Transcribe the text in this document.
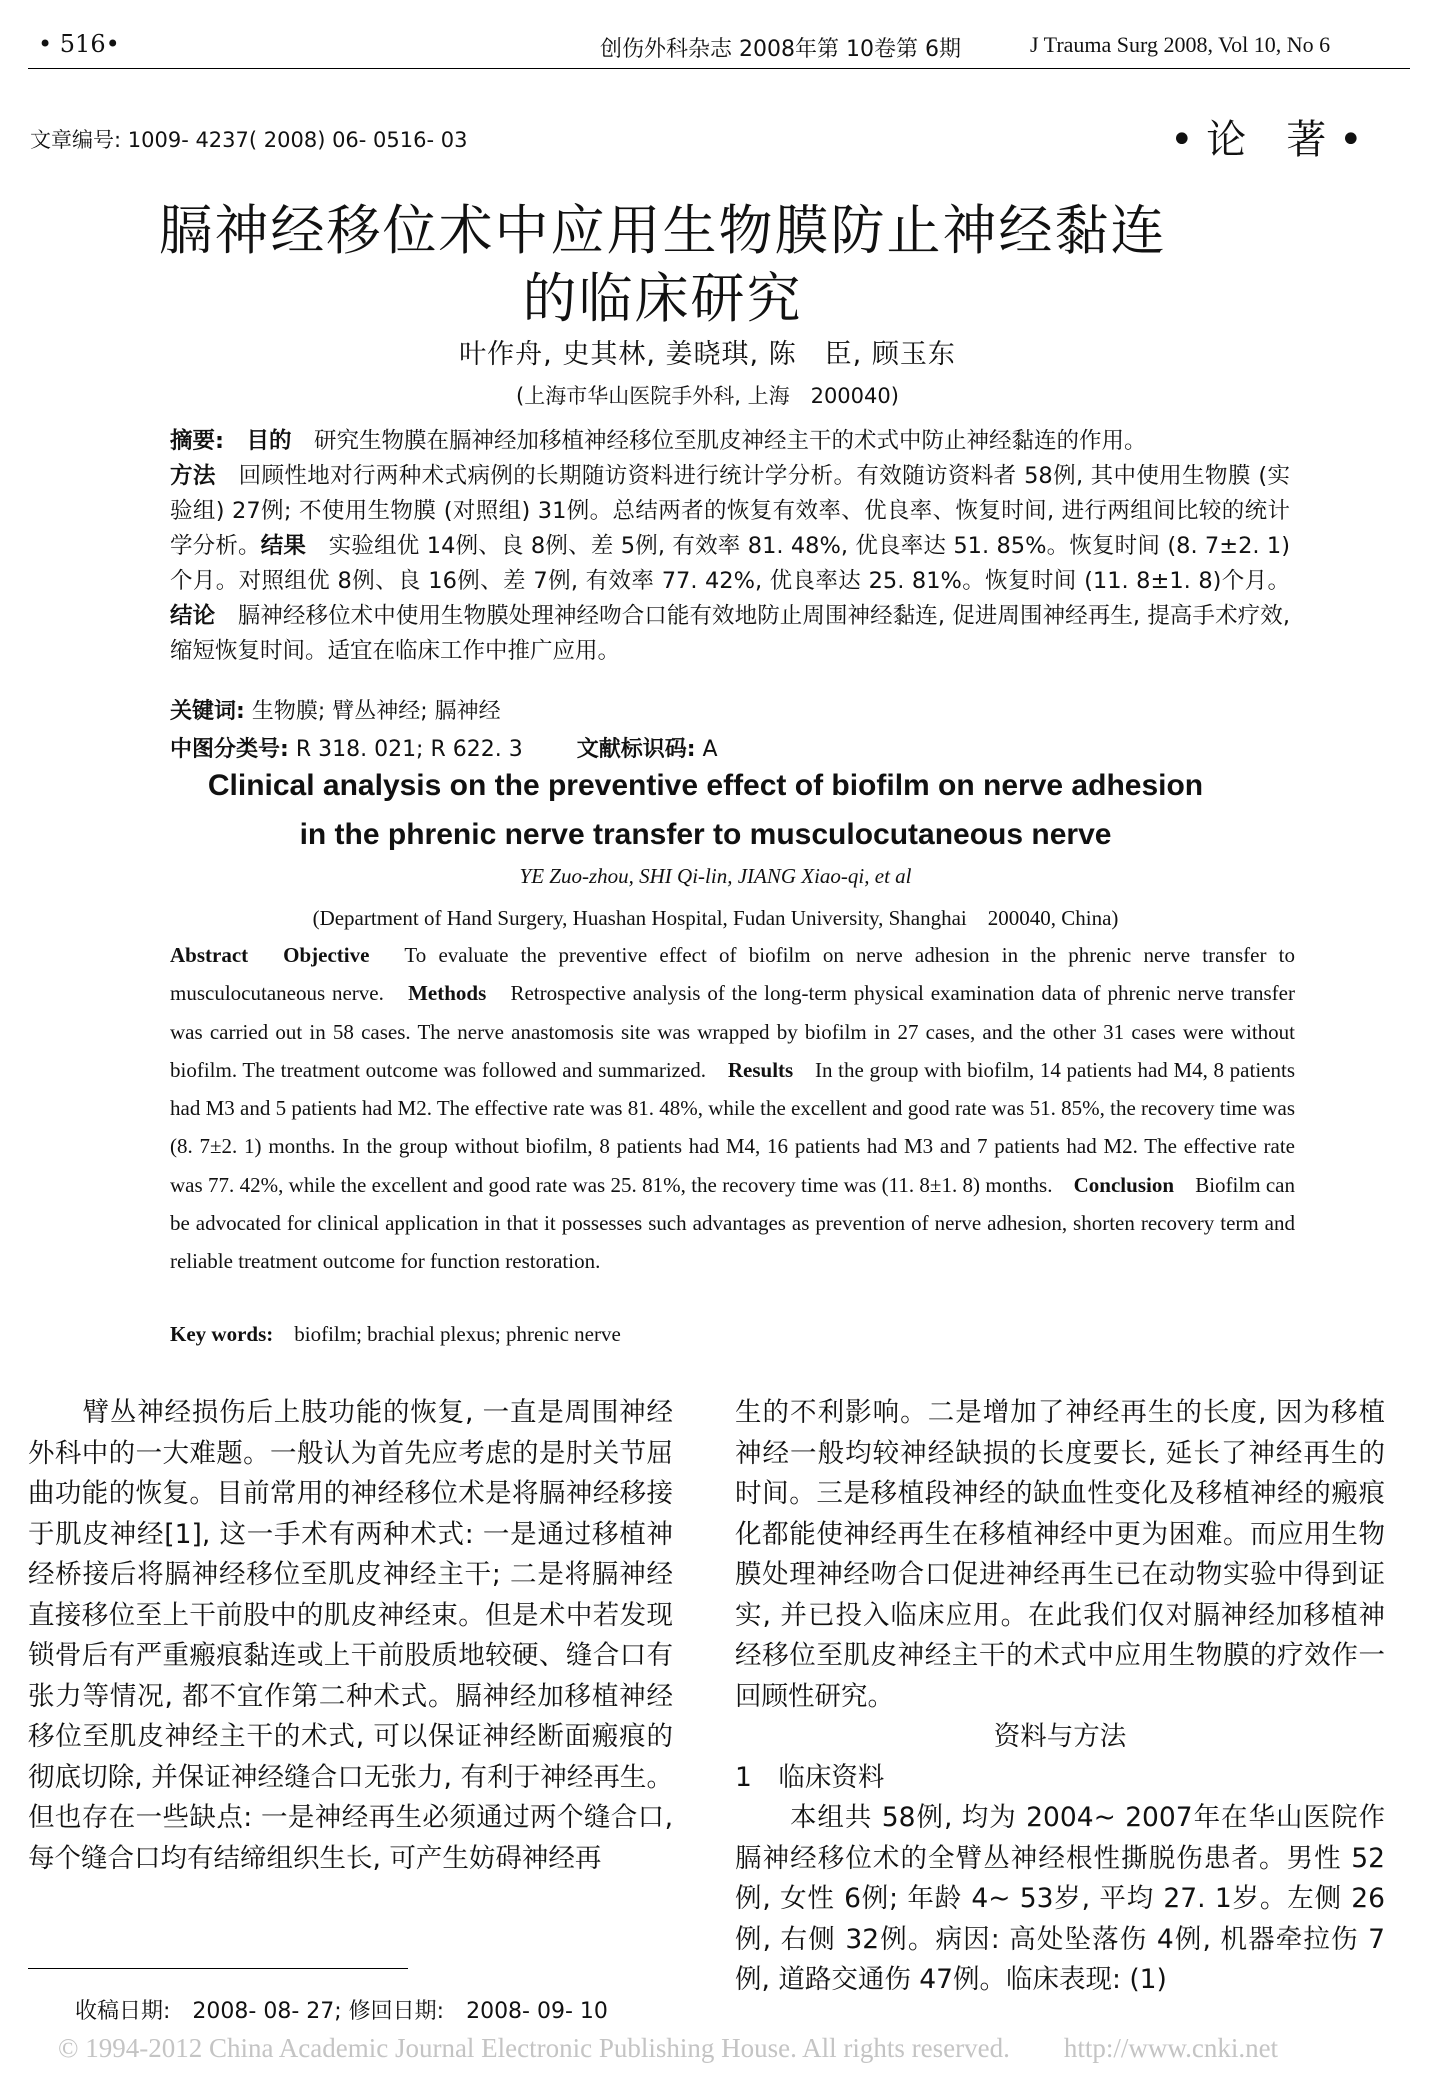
• 516•	创伤外科杂志 2008年第 10卷第 6期	J Trauma Surg 2008, Vol 10, No 6
文章编号: 1009- 4237( 2008) 06- 0516- 03	• 论　著 •
膈神经移位术中应用生物膜防止神经黏连
的临床研究
叶作舟, 史其林, 姜晓琪, 陈　臣, 顾玉东
(上海市华山医院手外科, 上海　200040)
摘要:　 目的　 研究生物膜在膈神经加移植神经移位至肌皮神经主干的术式中防止神经黏连的作用。
方法　 回顾性地对行两种术式病例的长期随访资料进行统计学分析。有效随访资料者 58例, 其中使用生物膜 (实验组) 27例; 不使用生物膜 (对照组) 31例。总结两者的恢复有效率、优良率、恢复时间, 进行两组间比较的统计学分析。结果　 实验组优 14例、良 8例、差 5例, 有效率 81. 48%, 优良率达 51. 85%。恢复时间 (8. 7±2. 1)个月。对照组优 8例、良 16例、差 7例, 有效率 77. 42%, 优良率达 25. 81%。恢复时间 (11. 8±1. 8)个月。结论　 膈神经移位术中使用生物膜处理神经吻合口能有效地防止周围神经黏连, 促进周围神经再生, 提高手术疗效, 缩短恢复时间。适宜在临床工作中推广应用。
关键词: 生物膜; 臂丛神经; 膈神经
中图分类号: R 318. 021; R 622. 3 文献标识码: A
Clinical analysis on the preventive effect of biofilm on nerve adhesion
in the phrenic nerve transfer to musculocutaneous nerve
YE Zuo-zhou, SHI Qi-lin, JIANG Xiao-qi, et al
(Department of Hand Surgery, Huashan Hospital, Fudan University, Shanghai　200040, China)
Abstract　 Objective　 To evaluate the preventive effect of biofilm on nerve adhesion in the phrenic nerve transfer to musculocutaneous nerve.　 Methods　 Retrospective analysis of the long-term physical examination data of phrenic nerve transfer was carried out in 58 cases. The nerve anastomosis site was wrapped by biofilm in 27 cases, and the other 31 cases were without biofilm. The treatment outcome was followed and summarized.　 Results　 In the group with biofilm, 14 patients had M4, 8 patients had M3 and 5 patients had M2. The effective rate was 81. 48%, while the excellent and good rate was 51. 85%, the recovery time was (8. 7±2. 1) months. In the group without biofilm, 8 patients had M4, 16 patients had M3 and 7 patients had M2. The effective rate was 77. 42%, while the excellent and good rate was 25. 81%, the recovery time was (11. 8±1. 8) months.　 Conclusion　 Biofilm can be advocated for clinical application in that it possesses such advantages as prevention of nerve adhesion, shorten recovery term and reliable treatment outcome for function restoration.
Key words:　 biofilm; brachial plexus; phrenic nerve
　　臂丛神经损伤后上肢功能的恢复, 一直是周围神经外科中的一大难题。一般认为首先应考虑的是肘关节屈曲功能的恢复。目前常用的神经移位术是将膈神经移接于肌皮神经[1], 这一手术有两种术式: 一是通过移植神经桥接后将膈神经移位至肌皮神经主干; 二是将膈神经直接移位至上干前股中的肌皮神经束。但是术中若发现锁骨后有严重瘢痕黏连或上干前股质地较硬、缝合口有张力等情况, 都不宜作第二种术式。膈神经加移植神经移位至肌皮神经主干的术式, 可以保证神经断面瘢痕的彻底切除, 并保证神经缝合口无张力, 有利于神经再生。但也存在一些缺点: 一是神经再生必须通过两个缝合口, 每个缝合口均有结缔组织生长, 可产生妨碍神经再
生的不利影响。二是增加了神经再生的长度, 因为移植神经一般均较神经缺损的长度要长, 延长了神经再生的时间。三是移植段神经的缺血性变化及移植神经的瘢痕化都能使神经再生在移植神经中更为困难。而应用生物膜处理神经吻合口促进神经再生已在动物实验中得到证实, 并已投入临床应用。在此我们仅对膈神经加移植神经移位至肌皮神经主干的术式中应用生物膜的疗效作一回顾性研究。
资料与方法
1　临床资料
　　本组共 58例, 均为 2004~ 2007年在华山医院作膈神经移位术的全臂丛神经根性撕脱伤患者。男性 52例, 女性 6例; 年龄 4~ 53岁, 平均 27. 1岁。左侧 26例, 右侧 32例。病因: 高处坠落伤 4例, 机器牵拉伤 7例, 道路交通伤 47例。临床表现: (1)
收稿日期:　2008- 08- 27; 修回日期:　2008- 09- 10
© 1994-2012 China Academic Journal Electronic Publishing House. All rights reserved.　　http://www.cnki.net
